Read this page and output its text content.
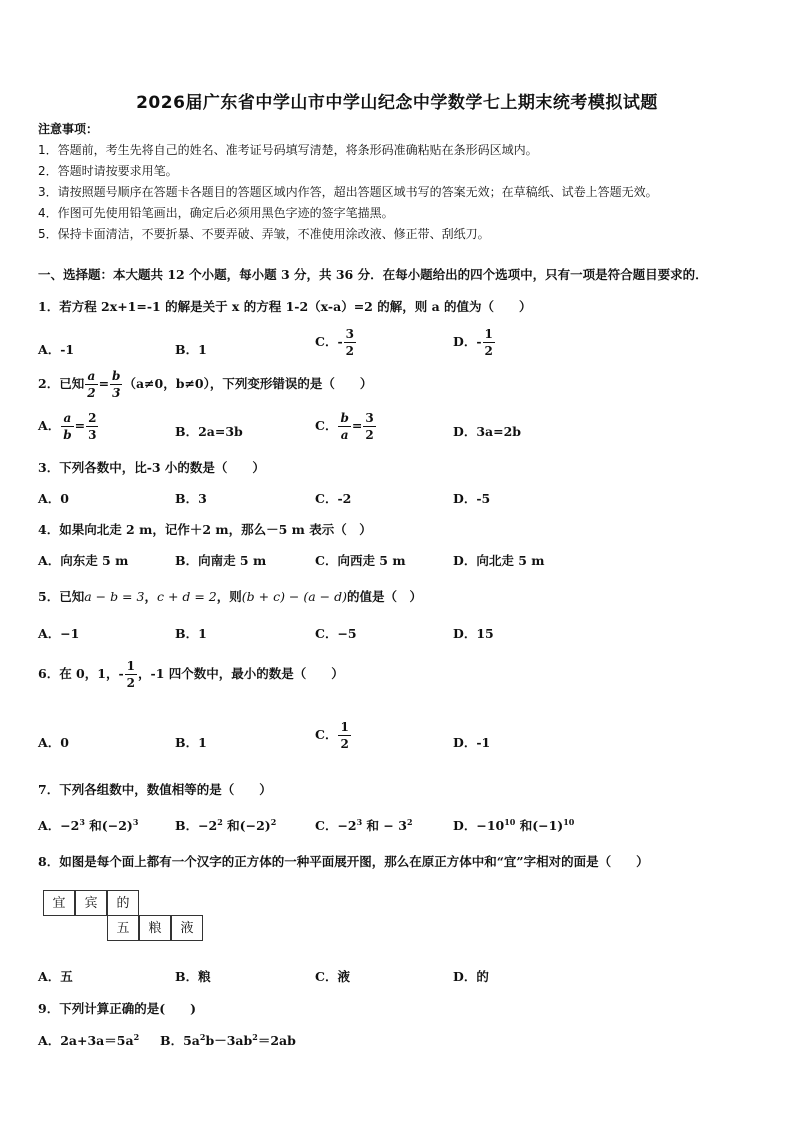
2026届广东省中学山市中学山纪念中学数学七上期末统考模拟试题
注意事项：
1．答题前，考生先将自己的姓名、准考证号码填写清楚，将条形码准确粘贴在条形码区域内。
2．答题时请按要求用笔。
3．请按照题号顺序在答题卡各题目的答题区域内作答，超出答题区域书写的答案无效；在草稿纸、试卷上答题无效。
4．作图可先使用铅笔画出，确定后必须用黑色字迹的签字笔描黑。
5．保持卡面清洁，不要折暴、不要弄破、弄皱，不准使用涂改液、修正带、刮纸刀。
一、选择题：本大题共 12 个小题，每小题 3 分，共 36 分．在每小题给出的四个选项中，只有一项是符合题目要求的．
1．若方程 2x+1=-1 的解是关于 x 的方程 1-2（x-a）=2 的解，则 a 的值为（　　）
A．-1	B．1
C．- $\frac{3}{2}$	D．- $\frac{1}{2}$
2．已知 $\frac{a}{2} = \frac{b}{3} (a\ne 0$，b≠0），下列变形错误的是（　　）
A． $\frac{a}{b} = \frac{2}{3}$	B．2a=3b	C． $\frac{b}{a} = \frac{3}{2}$	D．3a=2b
3．下列各数中，比-3 小的数是（　　）
A．0	B．3	C．-2	D．-5
4．如果向北走 2 m，记作＋2 m，那么－5 m 表示（　）
A．向东走 5 m	B．向南走 5 m	C．向西走 5 m	D．向北走 5 m
5．已知a − b = 3，c + d = 2，则(b + c) − (a − d)的值是（　）
A．−1	B．1	C．−5	D．15
6．在 0，1，- $\frac{1}{2}$ ，-1 四个数中，最小的数是（　　）
A．0	B．1
C． $\frac{1}{2}$	D．-1
7．下列各组数中，数值相等的是（　　）
A．$-2^3$ 和$(-2)^3$	B．$-2^2$ 和$(-2)^2$	C．$-2^3$ 和 − $3^2$	D．$-10^{10}$ 和$(-1)^{10}$
8．如图是每个面上都有一个汉字的正方体的一种平面展开图，那么在原正方体中和“宜”字相对的面是（　　）
宜	宾	的
五	粮	液
A．五	B．粮	C．液	D．的
9．下列计算正确的是(　　)
A．$2a+3a=5a^2$ B．$5a^2b-3ab^2=2ab$
